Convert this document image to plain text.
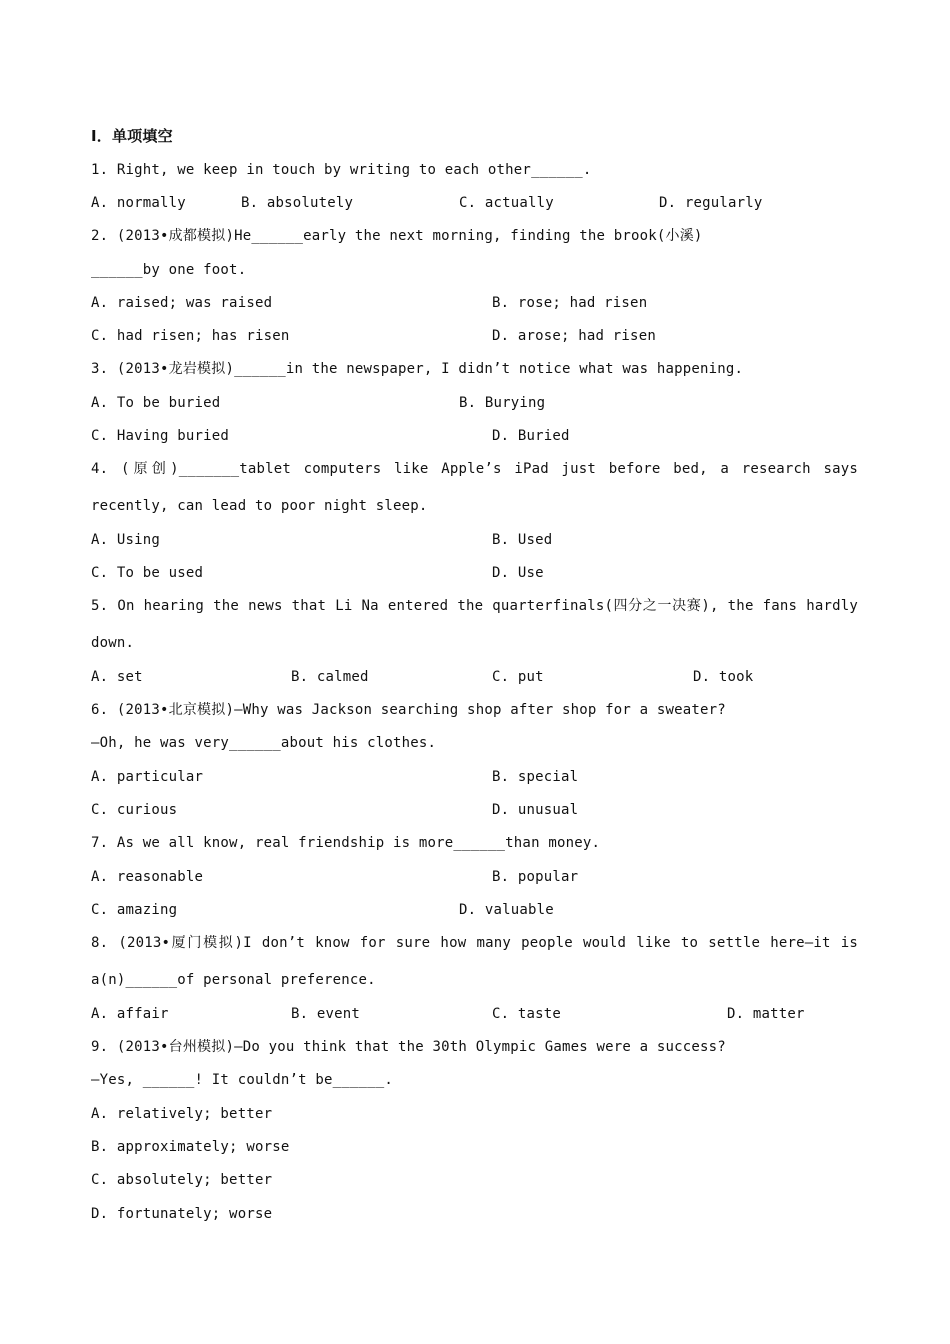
Ⅰ．单项填空
1. Right, we keep in touch by writing to each other______.
A. normally	B. absolutely	C. actually	D. regularly
2. (2013•成都模拟)He______early the next morning, finding the brook(小溪)
______by one foot.
A. raised; was raised	B. rose; had risen
C. had risen; has risen	D. arose; had risen
3. (2013•龙岩模拟)______in the newspaper, I didn’t notice what was happening.
A. To be buried	B. Burying
C. Having buried	D. Buried
4. (原创)_______tablet computers like Apple’s iPad just before bed, a research says
recently, can lead to poor night sleep.
A. Using	B. Used
C. To be used	D. Use
5. On hearing the news that Li Na entered the quarterfinals(四分之一决赛), the fans hardly
down.
A. set	B. calmed	C. put	D. took
6. (2013•北京模拟)—Why was Jackson searching shop after shop for a sweater?
—Oh, he was very______about his clothes.
A. particular	B. special
C. curious	D. unusual
7. As we all know, real friendship is more______than money.
A. reasonable	B. popular
C. amazing	D. valuable
8. (2013•厦门模拟)I don’t know for sure how many people would like to settle here—it is
a(n)______of personal preference.
A. affair	B. event	C. taste	D. matter
9. (2013•台州模拟)—Do you think that the 30th Olympic Games were a success?
—Yes, ______! It couldn’t be______.
A. relatively; better
B. approximately; worse
C. absolutely; better
D. fortunately; worse
